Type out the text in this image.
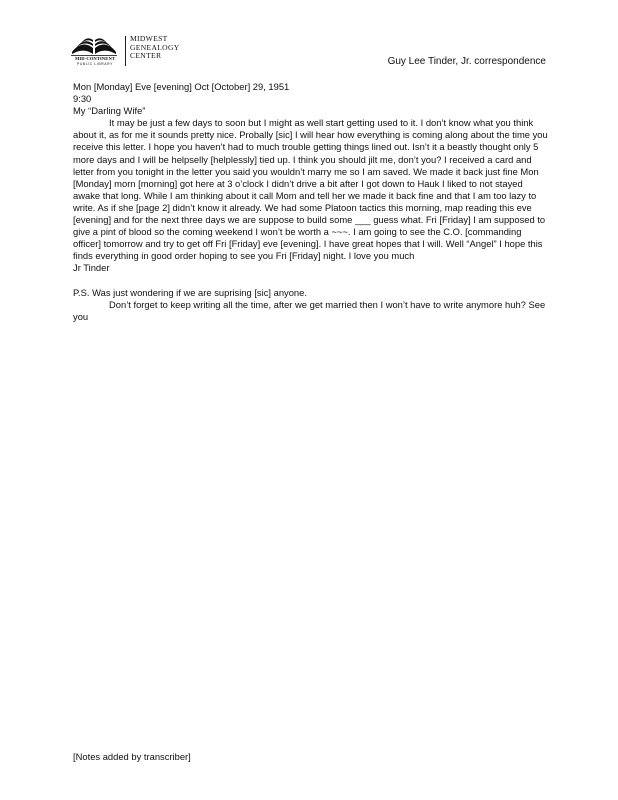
MID-CONTINENT
PUBLIC LIBRARY
MIDWEST
GENEALOGY
CENTER
Guy Lee Tinder, Jr. correspondence

Mon [Monday] Eve [evening] Oct [October] 29, 1951

9:30

My “Darling Wife”

It may be just a few days to soon but I might as well start getting used to it. I don’t know what you think about it, as for me it sounds pretty nice. Probally [sic] I will hear how everything is coming along about the time you receive this letter. I hope you haven’t had to much trouble getting things lined out. Isn’t it a beastly thought only 5 more days and I will be helpselly [helplessly] tied up. I think you should jilt me, don’t you? I received a card and letter from you tonight in the letter you said you wouldn’t marry me so I am saved. We made it back just fine Mon [Monday] morn [morning] got here at 3 o’clock I didn’t drive a bit after I got down to Hauk I liked to not stayed awake that long. While I am thinking about it call Mom and tell her we made it back fine and that I am too lazy to write. As if she [page 2] didn’t know it already. We had some Platoon tactics this morning, map reading this eve [evening] and for the next three days we are suppose to build some ___ guess what. Fri [Friday] I am supposed to give a pint of blood so the coming weekend I won’t be worth a ~~~. I am going to see the C.O. [commanding officer] tomorrow and try to get off Fri [Friday] eve [evening]. I have great hopes that I will. Well “Angel” I hope this finds everything in good order hoping to see you Fri [Friday] night. I love you much

Jr Tinder

P.S. Was just wondering if we are suprising [sic] anyone.

Don’t forget to keep writing all the time, after we get married then I won’t have to write anymore huh? See you

[Notes added by transcriber]
